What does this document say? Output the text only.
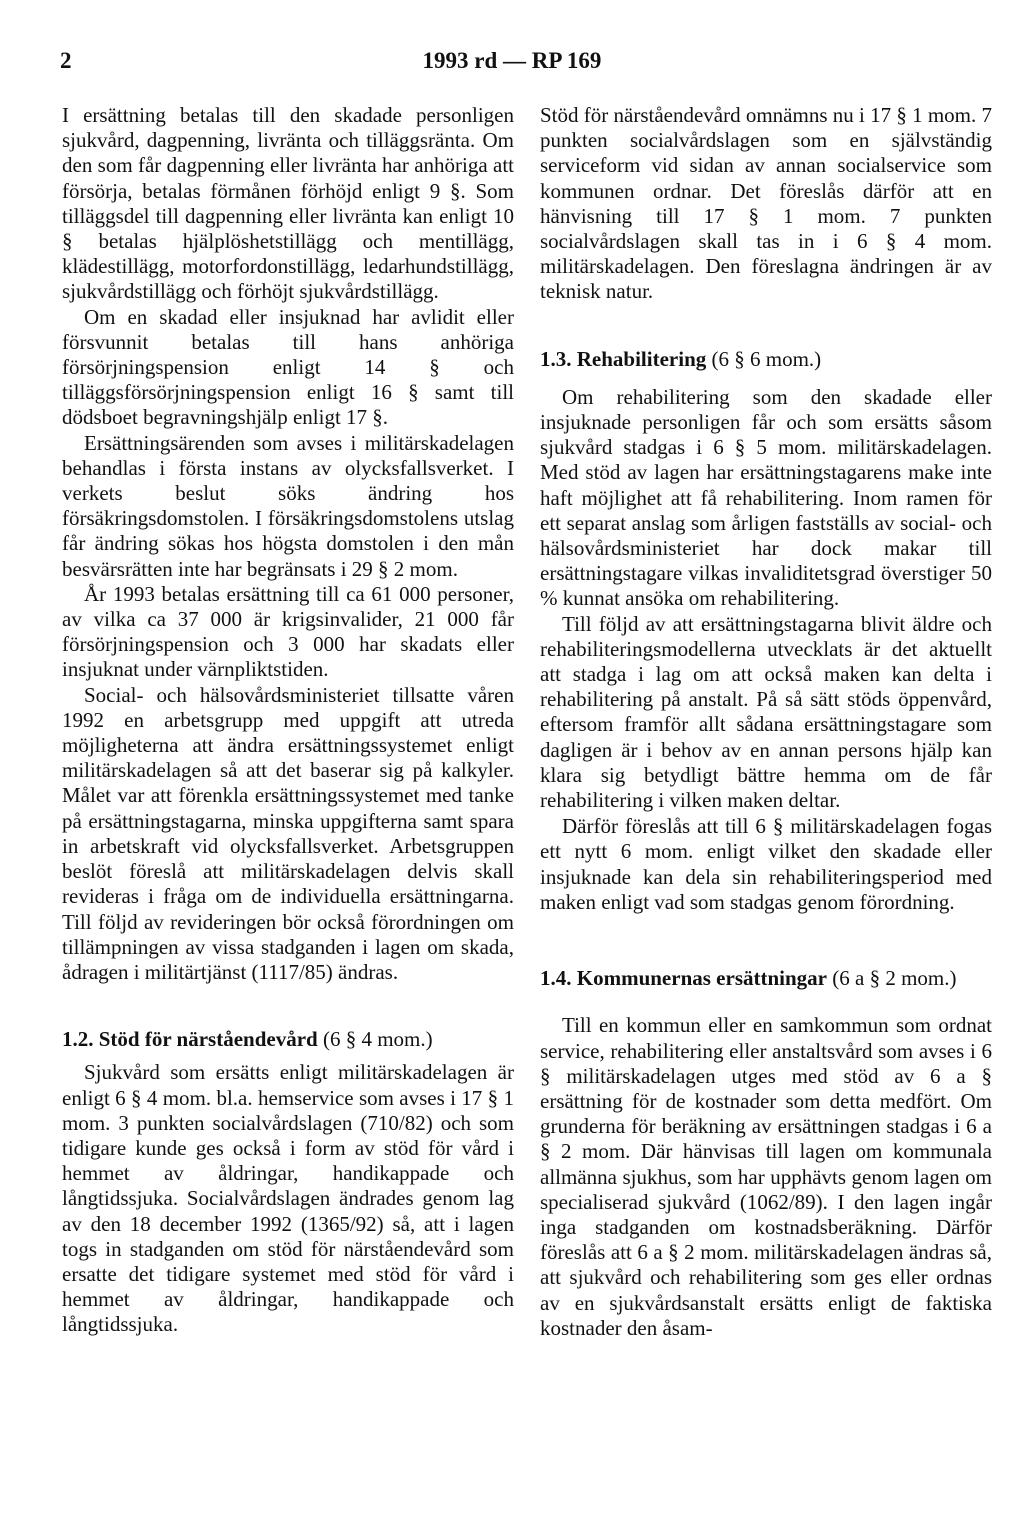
2	1993 rd — RP 169

I ersättning betalas till den skadade personligen sjukvård, dagpenning, livränta och tilläggsränta. Om den som får dagpenning eller livränta har anhöriga att försörja, betalas förmånen förhöjd enligt 9 §. Som tilläggsdel till dagpenning eller livränta kan enligt 10 § betalas hjälplöshetstillägg och mentillägg, klädestillägg, motorfordonstillägg, ledarhundstillägg, sjukvårdstillägg och förhöjt sjukvårdstillägg.

Om en skadad eller insjuknad har avlidit eller försvunnit betalas till hans anhöriga försörjningspension enligt 14 § och tilläggsförsörjningspension enligt 16 § samt till dödsboet begravningshjälp enligt 17 §.

Ersättningsärenden som avses i militärskadelagen behandlas i första instans av olycksfallsverket. I verkets beslut söks ändring hos försäkringsdomstolen. I försäkringsdomstolens utslag får ändring sökas hos högsta domstolen i den mån besvärsrätten inte har begränsats i 29 § 2 mom.

År 1993 betalas ersättning till ca 61 000 personer, av vilka ca 37 000 är krigsinvalider, 21 000 får försörjningspension och 3 000 har skadats eller insjuknat under värnpliktstiden.

Social- och hälsovårdsministeriet tillsatte våren 1992 en arbetsgrupp med uppgift att utreda möjligheterna att ändra ersättningssystemet enligt militärskadelagen så att det baserar sig på kalkyler. Målet var att förenkla ersättningssystemet med tanke på ersättningstagarna, minska uppgifterna samt spara in arbetskraft vid olycksfallsverket. Arbetsgruppen beslöt föreslå att militärskadelagen delvis skall revideras i fråga om de individuella ersättningarna. Till följd av revideringen bör också förordningen om tillämpningen av vissa stadganden i lagen om skada, ådragen i militärtjänst (1117/85) ändras.

1.2. Stöd för närståendevård (6 § 4 mom.)

Sjukvård som ersätts enligt militärskadelagen är enligt 6 § 4 mom. bl.a. hemservice som avses i 17 § 1 mom. 3 punkten socialvårdslagen (710/82) och som tidigare kunde ges också i form av stöd för vård i hemmet av åldringar, handikappade och långtidssjuka. Socialvårdslagen ändrades genom lag av den 18 december 1992 (1365/92) så, att i lagen togs in stadganden om stöd för närståendevård som ersatte det tidigare systemet med stöd för vård i hemmet av åldringar, handikappade och långtidssjuka.

Stöd för närståendevård omnämns nu i 17 § 1 mom. 7 punkten socialvårdslagen som en självständig serviceform vid sidan av annan socialservice som kommunen ordnar. Det föreslås därför att en hänvisning till 17 § 1 mom. 7 punkten socialvårdslagen skall tas in i 6 § 4 mom. militärskadelagen. Den föreslagna ändringen är av teknisk natur.

1.3. Rehabilitering (6 § 6 mom.)

Om rehabilitering som den skadade eller insjuknade personligen får och som ersätts såsom sjukvård stadgas i 6 § 5 mom. militärskadelagen. Med stöd av lagen har ersättningstagarens make inte haft möjlighet att få rehabilitering. Inom ramen för ett separat anslag som årligen fastställs av social- och hälsovårdsministeriet har dock makar till ersättningstagare vilkas invaliditetsgrad överstiger 50 % kunnat ansöka om rehabilitering.

Till följd av att ersättningstagarna blivit äldre och rehabiliteringsmodellerna utvecklats är det aktuellt att stadga i lag om att också maken kan delta i rehabilitering på anstalt. På så sätt stöds öppenvård, eftersom framför allt sådana ersättningstagare som dagligen är i behov av en annan persons hjälp kan klara sig betydligt bättre hemma om de får rehabilitering i vilken maken deltar.

Därför föreslås att till 6 § militärskadelagen fogas ett nytt 6 mom. enligt vilket den skadade eller insjuknade kan dela sin rehabiliteringsperiod med maken enligt vad som stadgas genom förordning.

1.4. Kommunernas ersättningar (6 a § 2 mom.)

Till en kommun eller en samkommun som ordnat service, rehabilitering eller anstaltsvård som avses i 6 § militärskadelagen utges med stöd av 6 a § ersättning för de kostnader som detta medfört. Om grunderna för beräkning av ersättningen stadgas i 6 a § 2 mom. Där hänvisas till lagen om kommunala allmänna sjukhus, som har upphävts genom lagen om specialiserad sjukvård (1062/89). I den lagen ingår inga stadganden om kostnadsberäkning. Därför föreslås att 6 a § 2 mom. militärskadelagen ändras så, att sjukvård och rehabilitering som ges eller ordnas av en sjukvårdsanstalt ersätts enligt de faktiska kostnader den åsam-
